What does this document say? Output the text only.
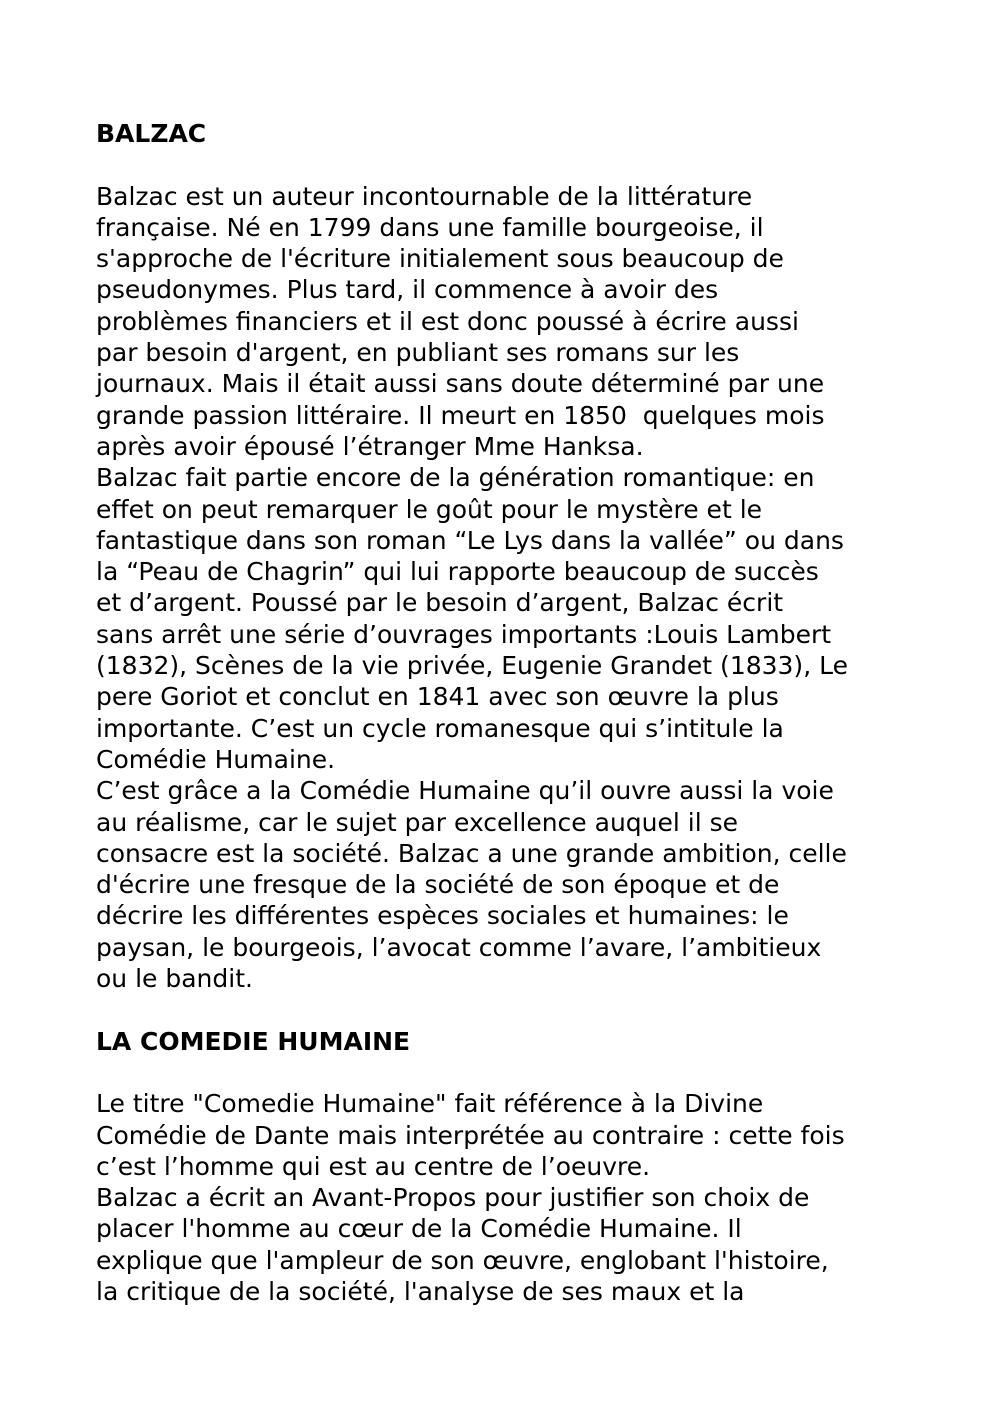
BALZAC
Balzac est un auteur incontournable de la littérature
française. Né en 1799 dans une famille bourgeoise, il
s'approche de l'écriture initialement sous beaucoup de
pseudonymes. Plus tard, il commence à avoir des
problèmes financiers et il est donc poussé à écrire aussi
par besoin d'argent, en publiant ses romans sur les
journaux. Mais il était aussi sans doute déterminé par une
grande passion littéraire. Il meurt en 1850  quelques mois
après avoir épousé l’étranger Mme Hanksa.
Balzac fait partie encore de la génération romantique: en
effet on peut remarquer le goût pour le mystère et le
fantastique dans son roman “Le Lys dans la vallée” ou dans
la “Peau de Chagrin” qui lui rapporte beaucoup de succès
et d’argent. Poussé par le besoin d’argent, Balzac écrit
sans arrêt une série d’ouvrages importants :Louis Lambert
(1832), Scènes de la vie privée, Eugenie Grandet (1833), Le
pere Goriot et conclut en 1841 avec son œuvre la plus
importante. C’est un cycle romanesque qui s’intitule la
Comédie Humaine.
C’est grâce a la Comédie Humaine qu’il ouvre aussi la voie
au réalisme, car le sujet par excellence auquel il se
consacre est la société. Balzac a une grande ambition, celle
d'écrire une fresque de la société de son époque et de
décrire les différentes espèces sociales et humaines: le
paysan, le bourgeois, l’avocat comme l’avare, l’ambitieux
ou le bandit.
LA COMEDIE HUMAINE
Le titre "Comedie Humaine" fait référence à la Divine
Comédie de Dante mais interprétée au contraire : cette fois
c’est l’homme qui est au centre de l’oeuvre.
Balzac a écrit an Avant-Propos pour justifier son choix de
placer l'homme au cœur de la Comédie Humaine. Il
explique que l'ampleur de son œuvre, englobant l'histoire,
la critique de la société, l'analyse de ses maux et la
